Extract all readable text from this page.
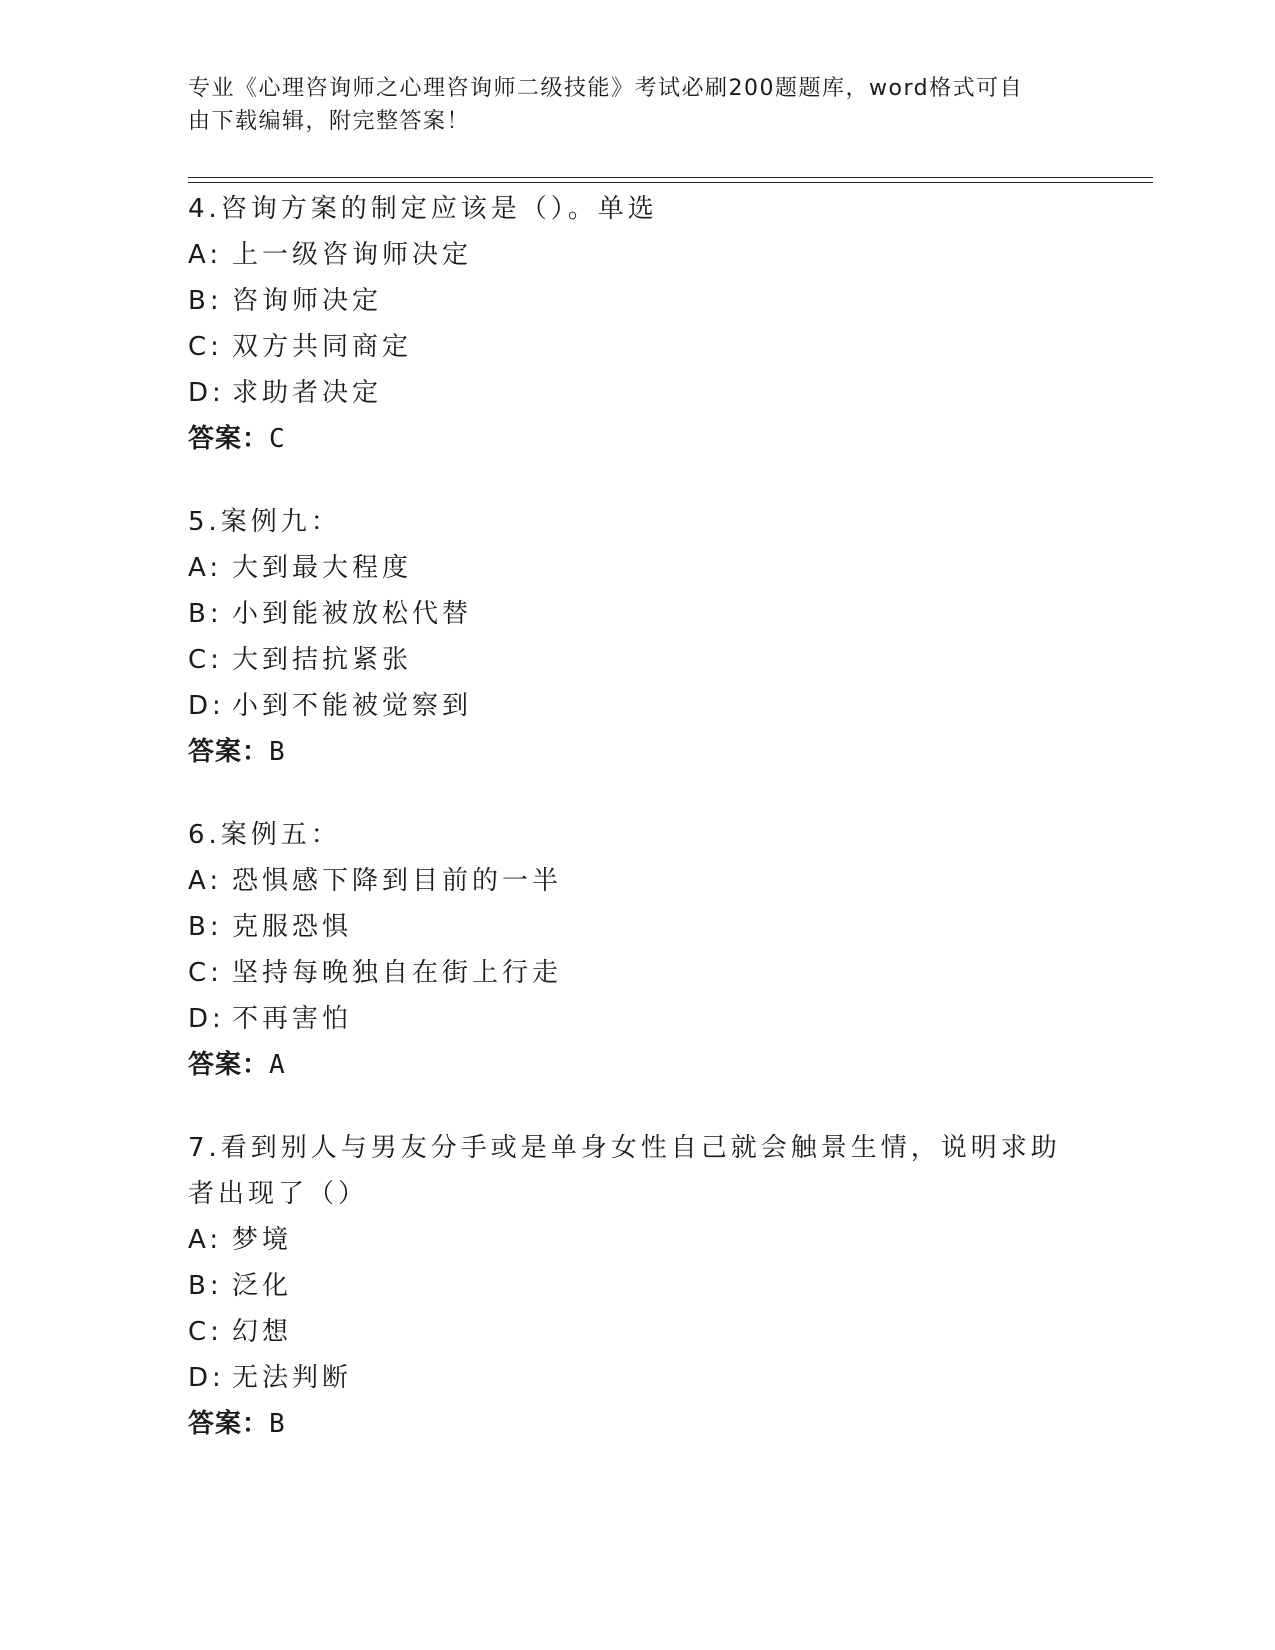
专业《心理咨询师之心理咨询师二级技能》考试必刷200题题库，word格式可自
由下载编辑，附完整答案！
4.咨询方案的制定应该是（）。单选
A: 上一级咨询师决定
B: 咨询师决定
C: 双方共同商定
D: 求助者决定
答案：C
5.案例九：
A: 大到最大程度
B: 小到能被放松代替
C: 大到拮抗紧张
D: 小到不能被觉察到
答案：B
6.案例五：
A: 恐惧感下降到目前的一半
B: 克服恐惧
C: 坚持每晚独自在街上行走
D: 不再害怕
答案：A
7.看到别人与男友分手或是单身女性自己就会触景生情，说明求助者出现了（）
A: 梦境
B: 泛化
C: 幻想
D: 无法判断
答案：B
